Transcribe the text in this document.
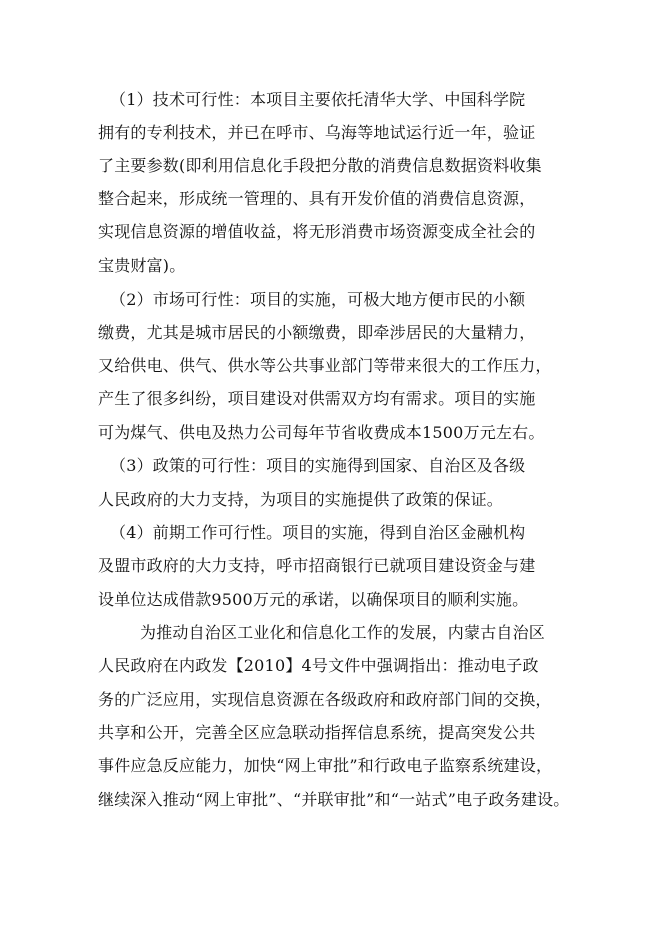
（1）技术可行性：本项目主要依托清华大学、中国科学院
拥有的专利技术，并已在呼市、乌海等地试运行近一年，验证
了主要参数(即利用信息化手段把分散的消费信息数据资料收集
整合起来，形成统一管理的、具有开发价值的消费信息资源，
实现信息资源的增值收益，将无形消费市场资源变成全社会的
宝贵财富)。
（2）市场可行性：项目的实施，可极大地方便市民的小额
缴费，尤其是城市居民的小额缴费，即牵涉居民的大量精力，
又给供电、供气、供水等公共事业部门等带来很大的工作压力，
产生了很多纠纷，项目建设对供需双方均有需求。项目的实施
可为煤气、供电及热力公司每年节省收费成本1500万元左右。
（3）政策的可行性：项目的实施得到国家、自治区及各级
人民政府的大力支持，为项目的实施提供了政策的保证。
（4）前期工作可行性。项目的实施，得到自治区金融机构
及盟市政府的大力支持，呼市招商银行已就项目建设资金与建
设单位达成借款9500万元的承诺，以确保项目的顺利实施。
为推动自治区工业化和信息化工作的发展，内蒙古自治区
人民政府在内政发【2010】4号文件中强调指出：推动电子政
务的广泛应用，实现信息资源在各级政府和政府部门间的交换，
共享和公开，完善全区应急联动指挥信息系统，提高突发公共
事件应急反应能力，加快“网上审批”和行政电子监察系统建设，
继续深入推动“网上审批”、“并联审批”和“一站式”电子政务建设。
